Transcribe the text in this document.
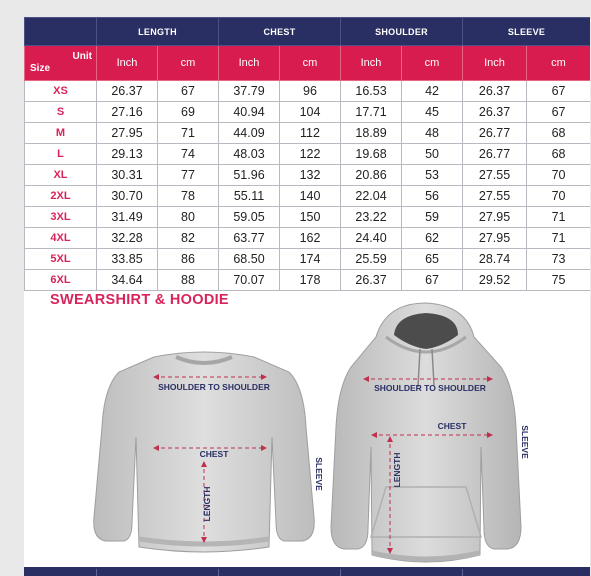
	LENGTH		CHEST		SHOULDER		SLEEVE	

Unit
Size	Inch	cm	Inch	cm	Inch	cm	Inch	cm
XS	26.37	67	37.79	96	16.53	42	26.37	67
S	27.16	69	40.94	104	17.71	45	26.37	67
M	27.95	71	44.09	112	18.89	48	26.77	68
L	29.13	74	48.03	122	19.68	50	26.77	68
XL	30.31	77	51.96	132	20.86	53	27.55	70
2XL	30.70	78	55.11	140	22.04	56	27.55	70
3XL	31.49	80	59.05	150	23.22	59	27.95	71
4XL	32.28	82	63.77	162	24.40	62	27.95	71
5XL	33.85	86	68.50	174	25.59	65	28.74	73
6XL	34.64	88	70.07	178	26.37	67	29.52	75
SWEARSHIRT & HOODIE
SHOULDER TO SHOULDER
CHEST
LENGTH
SLEEVE
SHOULDER TO SHOULDER
CHEST
LENGTH
SLEEVE
